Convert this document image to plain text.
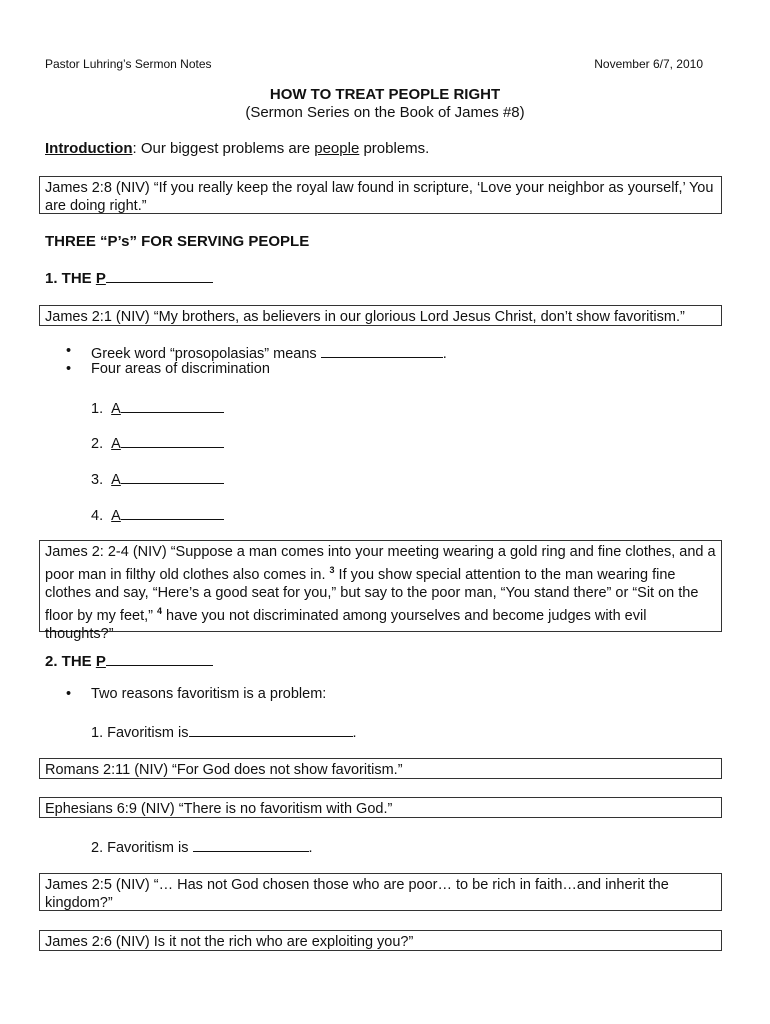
Pastor Luhring’s Sermon Notes	November 6/7, 2010
HOW TO TREAT PEOPLE RIGHT
(Sermon Series on the Book of James #8)
Introduction: Our biggest problems are people problems.
James 2:8 (NIV) “If you really keep the royal law found in scripture, ‘Love your neighbor as yourself,’ You are doing right.”
THREE “P’s” FOR SERVING PEOPLE
1. THE P
James 2:1 (NIV) “My brothers, as believers in our glorious Lord Jesus Christ, don’t show favoritism.”
• Greek word “prosopolasias” means	.
• Four areas of discrimination
1. A
2. A
3. A
4. A
James 2: 2-4 (NIV) “Suppose a man comes into your meeting wearing a gold ring and fine clothes, and a poor man in filthy old clothes also comes in. $^3$ If you show special attention to the man wearing fine clothes and say, “Here’s a good seat for you,” but say to the poor man, “You stand there” or “Sit on the floor by my feet,” $^4$ have you not discriminated among yourselves and become judges with evil thoughts?”
2. THE P
• Two reasons favoritism is a problem:
1. Favoritism is	.
Romans 2:11 (NIV) “For God does not show favoritism.”
Ephesians 6:9 (NIV) “There is no favoritism with God.”
2. Favoritism is	.
James 2:5 (NIV) “… Has not God chosen those who are poor… to be rich in faith…and inherit the kingdom?”
James 2:6 (NIV) Is it not the rich who are exploiting you?”
